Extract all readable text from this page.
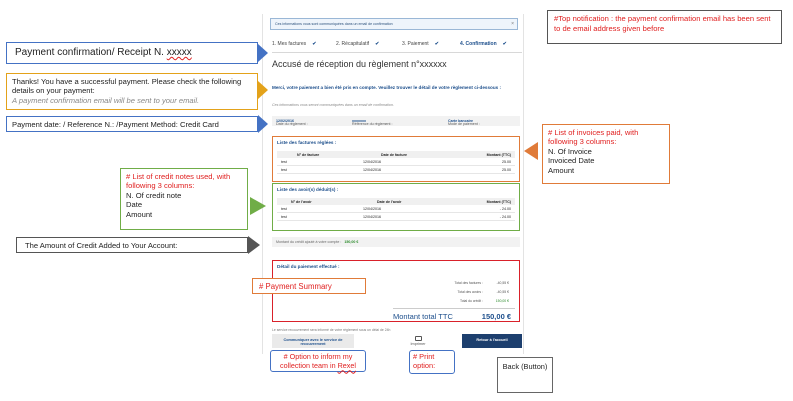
Ces informations vous sont communiquées dans un email de confirmation	×
1. Mes factures ✔	2. Récapitulatif ✔	3. Paiement ✔	4. Confirmation ✔
Accusé de réception du règlement n°xxxxxx
Merci, votre paiement a bien été pris en compte. Veuillez trouver le détail de votre règlement ci-dessous :
Ces informations vous seront communiquées dans un email de confirmation.
Date du règlement :
12/02/2016
Référence du règlement :
xxxxxxx
Mode de paiement :
Carte bancaire
Liste des factures réglées :
N° de facture	Date de facture	Montant (TTC)
test	12/04/2016	25.00
test	12/04/2016	25.00
Liste des avoir(s) déduit(s) :
N° de l'avoir	Date de l'avoir	Montant (TTC)
test	12/04/2016	- 24.00
test	12/04/2016	- 24.00
Montant du crédit ajouté à votre compte : 150,00 €
Détail du paiement effectué :
Total des factures :	-40,55 €
Total des avoirs :	-40,55 €
Total du crédit :	150,00 €
Montant total TTC	150,00 €
Le service recouvrement sera informé de votre règlement sous un délai de 24h
Communiquer avec le service de recouvrement	Imprimer
Retour à l'accueil
#Top notification : the payment confirmation email has been sent to de email address given before
Payment confirmation/ Receipt N. xxxxx
Thanks! You have a successful payment. Please check the following details on your payment:
A payment confirmation email will be sent to your email.
Payment date: / Reference N.: /Payment Method: Credit Card
# List of invoices paid, with following 3 columns:
N. Of Invoice
Invoiced Date
Amount
# List of credit notes used, with following 3 columns:
N. Of credit note
Date
Amount
The Amount of Credit Added to Your Account:
# Payment Summary
# Option to inform my collection team in Rexel
# Print option:	Back (Button)
